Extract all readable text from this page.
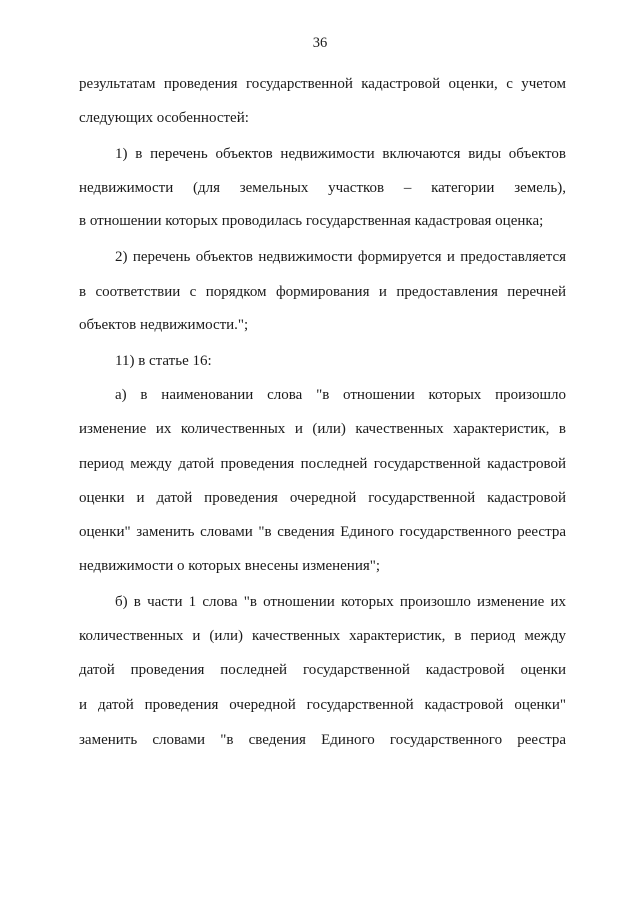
36
результатам проведения государственной кадастровой оценки, с учетом
следующих особенностей:
1) в перечень объектов недвижимости включаются виды объектов
недвижимости (для земельных участков – категории земель),
в отношении которых проводилась государственная кадастровая оценка;
2) перечень объектов недвижимости формируется и предоставляется
в соответствии с порядком формирования и предоставления перечней
объектов недвижимости.";
11) в статье 16:
а) в наименовании слова "в отношении которых произошло
изменение их количественных и (или) качественных характеристик, в
период между датой проведения последней государственной кадастровой
оценки и датой проведения очередной государственной кадастровой
оценки" заменить словами "в сведения Единого государственного реестра
недвижимости о которых внесены изменения";
б) в части 1 слова "в отношении которых произошло изменение их
количественных и (или) качественных характеристик, в период между
датой проведения последней государственной кадастровой оценки
и датой проведения очередной государственной кадастровой оценки"
заменить словами "в сведения Единого государственного реестра
